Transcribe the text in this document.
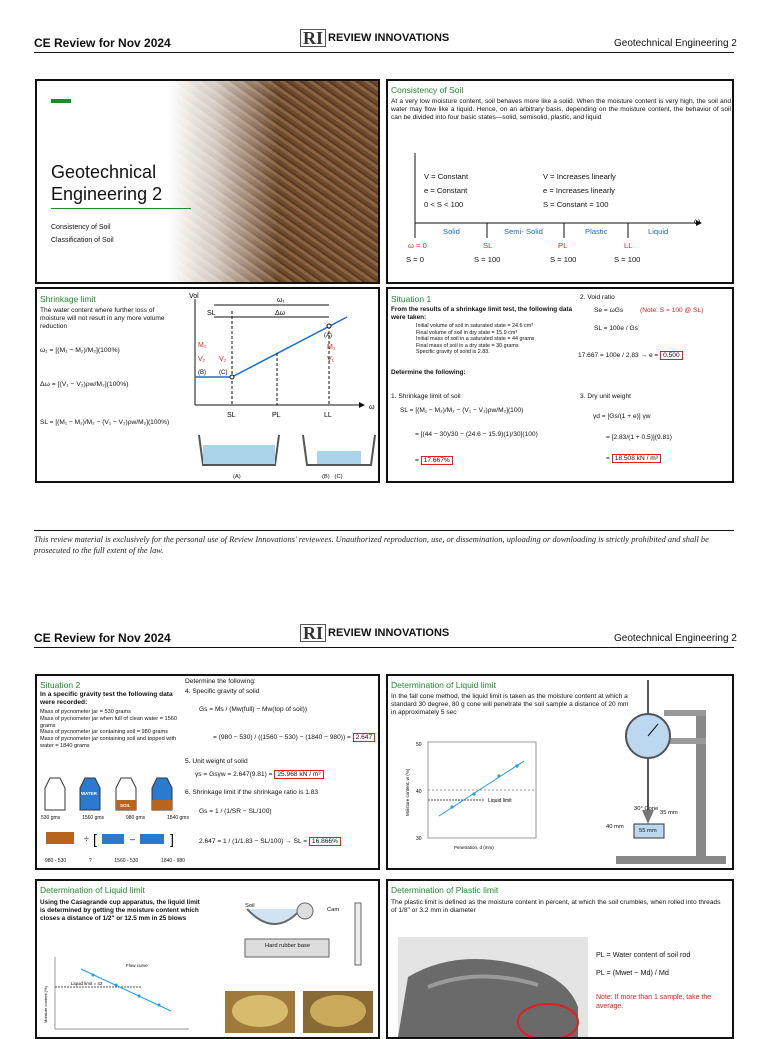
CE Review for Nov 2024	RI REVIEW INNOVATIONS	Geotechnical Engineering 2
Geotechnical
Engineering 2
Consistency of Soil
Classification of Soil
Consistency of Soil
At a very low moisture content, soil behaves more like a solid. When the moisture content is very high, the soil and water may flow like a liquid. Hence, on an arbitrary basis, depending on the moisture content, the behavior of soil can be divided into four basic states—solid, semisolid, plastic, and liquid
V = Constant
e = Constant
0 < S < 100
V = Increases linearly
e = Increases linearly
S = Constant = 100
ω
Solid	Semi- Solid	Plastic	Liquid
ω = 0	SL	PL	LL
S = 0	S = 100	S = 100	S = 100
Shrinkage limit
The water content where further loss of moisture will not result in any more volume reduction
ω₁ = [(M₁ − M₂)/M₂](100%)
Δω = [(V₁ − V₂)ρw/M₂](100%)
SL = [(M₁ − M₂)/M₂ − (V₁ − V₂)ρw/M₂](100%)
Vol
ω₁
SL	Δω
M₂
V₂ V₂
(B) (C)
(A)
M₁
V₁
SL	PL	LL
ω
(A)	(B)   (C)
Situation 1
From the results of a shrinkage limit test, the following data were taken:
Initial volume of soil in saturated state = 24.6 cm³
Final volume of soil in dry state = 15.9 cm³
Initial mass of soil in a saturated state = 44 grams
Final mass of soil in a dry state = 30 grams
Specific gravity of solid is 2.83.
Determine the following:
1. Shrinkage limit of soil
SL = [(M₁ − M₂)/M₂ − (V₁ − V₂)ρw/M₂](100)
= [(44 − 30)/30 − (24.6 − 15.9)(1)/30](100)
= 17.667%
2. Void ratio
Se = ωGs	(Note: S = 100 @ SL)
SL = 100e / Gs
17.667 = 100e / 2.83 → e = 0.500
3. Dry unit weight
γd = [Gs/(1 + e)] γw
= [2.83/(1 + 0.5)](9.81)
= 18.508 kN / m³
This review material is exclusively for the personal use of Review Innovations' reviewees. Unauthorized reproduction, use, or dissemination, uploading or downloading is strictly prohibited and shall be prosecuted to the full extent of the law.
CE Review for Nov 2024	RI REVIEW INNOVATIONS	Geotechnical Engineering 2
Situation 2
In a specific gravity test the following data were recorded:
Mass of pycnometer jar = 530 grams
Mass of pycnometer jar when full of clean water = 1560 grams
Mass of pycnometer jar containing soil = 980 grams
Mass of pycnometer jar containing soil and topped with water = 1840 grams
WATER
SOIL
530 gms	1560 gms	980 gms	1840 gms
÷ [	– ]
980 - 530	?	1560 - 530	1840 - 980
Determine the following:
4. Specific gravity of solid
Gs = Ms / (Mw(full) − Mw(top of soil))
= (980 − 530) / ((1560 − 530) − (1840 − 980)) = 2.647
5. Unit weight of solid
γs = Gsγw = 2.647(9.81) = 25.968 kN / m³
6. Shrinkage limit if the shrinkage ratio is 1.83
Gs = 1 / (1/SR − SL/100)
2.647 = 1 / (1/1.83 − SL/100) → SL = 16.866%
Determination of Liquid limit
In the fall cone method, the liquid limit is taken as the moisture content at which a standard 30 degree, 80 g cone will penetrate the soil sample a distance of 20 mm in approximately 5 sec
50
40
30
Liquid limit
Penetration, d (mm)
Moisture content, w (%)	30° Cone
35 mm
40 mm
55 mm
Determination of Liquid limit
Using the Casagrande cup apparatus, the liquid limit is determined by getting the moisture content which closes a distance of 1/2" or 12.5 mm in 25 blows
Flow curve
Liquid limit = 42
Moisture content (%)
Soil
Cam
Hard rubber base
Determination of Plastic limit
The plastic limit is defined as the moisture content in percent, at which the soil crumbles, when rolled into threads of 1/8" or 3.2 mm in diameter
PL = Water content of soil rod
PL = (Mwet − Md) / Md
Note: If more than 1 sample, take the average.
